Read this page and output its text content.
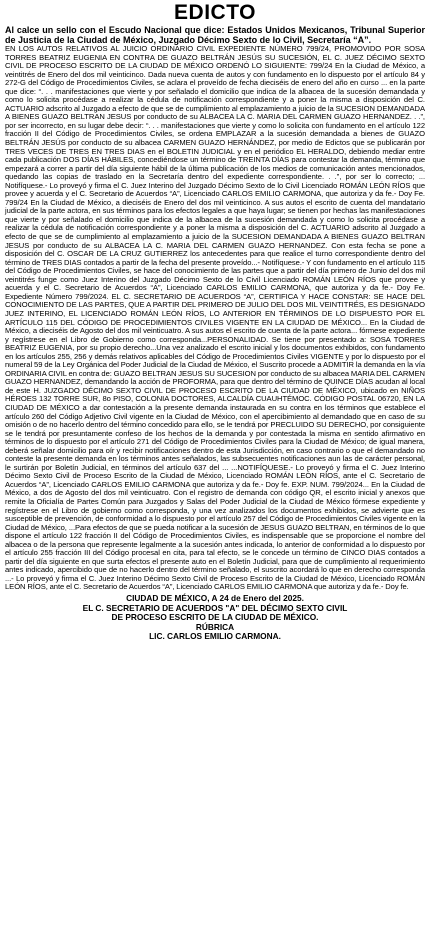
EDICTO

Al calce un sello con el Escudo Nacional que dice: Estados Unidos Mexicanos, Tribunal Superior de Justicia de la Ciudad de México, Juzgado Décimo Sexto de lo Civil, Secretaría “A”.

EN LOS AUTOS RELATIVOS AL JUICIO ORDINARIO CIVIL EXPEDIENTE NÚMERO 799/24, PROMOVIDO POR SOSA TORRES BEATRIZ EUGENIA EN CONTRA DE GUAZO BELTRÁN JESÚS SU SUCESIÓN, EL C. JUEZ DÉCIMO SEXTO CIVIL DE PROCESO ESCRITO DE LA CIUDAD DE MÉXICO ORDENÓ LO SIGUIENTE: 799/24 En la Ciudad de México, a veintitrés de Enero del dos mil veinticinco. Dada nueva cuenta de autos y con fundamento en lo dispuesto por el artículo 84 y 272-G del Código de Procedimientos Civiles, se aclara el proveído de fecha dieciséis de enero del año en curso ... en la parte que dice: “. . . manifestaciones que vierte y por señalado el domicilio que indica de la albacea de la sucesión demandada y como lo solicita procédase a realizar la cédula de notificación correspondiente y a poner la misma a disposición del C. ACTUARIO adscrito al Juzgado a efecto de que se de cumplimiento al emplazamiento a juicio de la SUCESION DEMANDADA A BIENES GUAZO BELTRAN JESUS por conducto de su ALBACEA LA C. MARIA DEL CARMEN GUAZO HERNANDEZ. . .”, por ser incorrecto, en su lugar debe decir: “. . . manifestaciones que vierte y como lo solicita con fundamento en el artículo 122 fracción II del Código de Procedimientos Civiles, se ordena EMPLAZAR a la sucesión demandada a bienes de GUAZO BELTRÁN JESÚS por conducto de su albacea CARMEN GUAZO HERNÁNDEZ, por medio de Edictos que se publicarán por TRES VECES DE TRES EN TRES DIAS en el BOLETIN JUDICIAL y en el periódico EL HERALDO, debiendo mediar entre cada publicación DOS DÍAS HÁBILES, concediéndose un término de TREINTA DÍAS para contestar la demanda, término que empezará a correr a partir del día siguiente hábil de la última publicación de los medios de comunicación antes mencionados, quedando las copias de traslado en la Secretaría dentro del expediente correspondiente. . .”, por ser lo correcto; ... Notifíquese.- Lo proveyó y firma el C. Juez Interino del Juzgado Décimo Sexto de lo Civil Licenciado ROMÁN LEÓN RÍOS que provee y acuerda y el C. Secretario de Acuerdos “A”, Licenciado CARLOS EMILIO CARMONA, que autoriza y da fe.- Doy Fe. 799/24 En la Ciudad de México, a dieciséis de Enero del dos mil veinticinco. A sus autos el escrito de cuenta del mandatario judicial de la parte actora, en sus términos para los efectos legales a que haya lugar; se tienen por hechas las manifestaciones que vierte y por señalado el domicilio que indica de la albacea de la sucesión demandada y como lo solicita procédase a realizar la cédula de notificación correspondiente y a poner la misma a disposición del C. ACTUARIO adscrito al Juzgado a efecto de que se de cumplimiento al emplazamiento a juicio de la SUCESION DEMANDADA A BIENES GUAZO BELTRAN JESUS por conducto de su ALBACEA LA C. MARIA DEL CARMEN GUAZO HERNANDEZ. Con esta fecha se pone a disposición del C. OSCAR DE LA CRUZ GUTIERREZ los antecedentes para que realice el turno correspondiente dentro del término de TRES DIAS contados a partir de la fecha del presente proveído...- Notifíquese.- Y con fundamento en el artículo 115 del Código de Procedimientos Civiles, se hace del conocimiento de las partes que a partir del día primero de Junio del dos mil veintitrés funge como Juez Interino del Juzgado Décimo Sexto de lo Civil Licenciado ROMÁN LEÓN RÍOS que provee y acuerda y el C. Secretario de Acuerdos “A”, Licenciado CARLOS EMILIO CARMONA, que autoriza y da fe.- Doy Fe. Expediente Número 799/2024. EL C. SECRETARIO DE ACUERDOS “A”, CERTIFICA Y HACE CONSTAR: SE HACE DEL CONOCIMIENTO DE LAS PARTES, QUE A PARTIR DEL PRIMERO DE JULIO DEL DOS MIL VEINTITRÉS, ES DESIGNADO JUEZ INTERINO, EL LICENCIADO ROMÁN LEÓN RÍOS, LO ANTERIOR EN TÉRMINOS DE LO DISPUESTO POR EL ARTÍCULO 115 DEL CÓDIGO DE PROCEDIMIENTOS CIVILES VIGENTE EN LA CIUDAD DE MÉXICO... En la Ciudad de México, a dieciséis de Agosto del dos mil veinticuatro. A sus autos el escrito de cuenta de la parte actora... fórmese expediente y regístrese en el Libro de Gobierno como corresponda...PERSONALIDAD. Se tiene por presentado a: SOSA TORRES BEATRIZ EUGENIA, por su propio derecho...Una vez analizado el escrito inicial y los documentos exhibidos, con fundamento en los artículos 255, 256 y demás relativos aplicables del Código de Procedimientos Civiles VIGENTE y por lo dispuesto por el numeral 59 de la Ley Orgánica del Poder Judicial de la Ciudad de México, el Suscrito procede a ADMITIR la demanda en la vía ORDINARIA CIVIL en contra de: GUAZO BELTRAN JESUS SU SUCESION por conducto de su albacea MARIA DEL CARMEN GUAZO HERNANDEZ, demandando la acción de PROFORMA, para que dentro del término de QUINCE DÍAS acudan al local de este H. JUZGADO DÉCIMO SEXTO CIVIL DE PROCESO ESCRITO DE LA CIUDAD DE MÉXICO, ubicado en NIÑOS HÉROES 132 TORRE SUR, 8o PISO, COLONIA DOCTORES, ALCALDÍA CUAUHTÉMOC. CÓDIGO POSTAL 06720, EN LA CIUDAD DE MÉXICO a dar contestación a la presente demanda instaurada en su contra en los términos que establece el artículo 260 del Código Adjetivo Civil vigente en la Ciudad de México, con el apercibimiento al demandado que en caso de su omisión o de no hacerlo dentro del término concedido para ello, se le tendrá por PRECLUIDO SU DERECHO, por consiguiente se le tendrá por presuntamente confeso de los hechos de la demanda y por contestada la misma en sentido afirmativo en términos de lo dispuesto por el artículo 271 del Código de Procedimientos Civiles para la Ciudad de México; de igual manera, deberá señalar domicilio para oír y recibir notificaciones dentro de esta Jurisdicción, en caso contrario o que el demandado no conteste la presente demanda en los términos antes señalados, las subsecuentes notificaciones aun las de carácter personal, le surtirán por Boletín Judicial, en términos del artículo 637 del ... ...NOTIFÍQUESE.- Lo proveyó y firma el C. Juez Interino Décimo Sexto Civil de Proceso Escrito de la Ciudad de México, Licenciado ROMÁN LEÓN RÍOS, ante el C. Secretario de Acuerdos “A”, Licenciado CARLOS EMILIO CARMONA que autoriza y da fe.- Doy fe. EXP. NUM. 799/2024... En la Ciudad de México, a dos de Agosto del dos mil veinticuatro. Con el registro de demanda con código QR, el escrito inicial y anexos que remite la Oficialía de Partes Común para Juzgados y Salas del Poder Judicial de la Ciudad de México fórmese expediente y regístrese en el Libro de gobierno como corresponda, y una vez analizados los documentos exhibidos, se advierte que es susceptible de prevención, de conformidad a lo dispuesto por el artículo 257 del Código de Procedimientos Civiles vigente en la Ciudad de México, ...Para efectos de que se pueda notificar a la sucesión de JESUS GUAZO BELTRAN, en términos de lo que dispone el artículo 122 fracción II del Código de Procedimientos Civiles, es indispensable que se proporcione el nombre del albacea o de la persona que represente legalmente a la sucesión antes indicada, lo anterior de conformidad a lo dispuesto por el artículo 255 fracción III del Código procesal en cita, para tal efecto, se le concede un término de CINCO DIAS contados a partir del día siguiente en que surta efectos el presente auto en el Boletín Judicial, para que de cumplimiento al requerimiento antes indicado, apercibido que de no hacerlo dentro del término señalado, el suscrito acordará lo que en derecho corresponda ...- Lo proveyó y firma el C. Juez Interino Décimo Sexto Civil de Proceso Escrito de la Ciudad de México, Licenciado ROMÁN LEÓN RÍOS, ante el C. Secretario de Acuerdos “A”, Licenciado CARLOS EMILIO CARMONA que autoriza y da fe.- Doy fe.

CIUDAD DE MÉXICO, A 24 de Enero del 2025.
EL C. SECRETARIO DE ACUERDOS "A" DEL DÉCIMO SEXTO CIVIL
DE PROCESO ESCRITO DE LA CIUDAD DE MÉXICO.
RÚBRICA
LIC. CARLOS EMILIO CARMONA.
